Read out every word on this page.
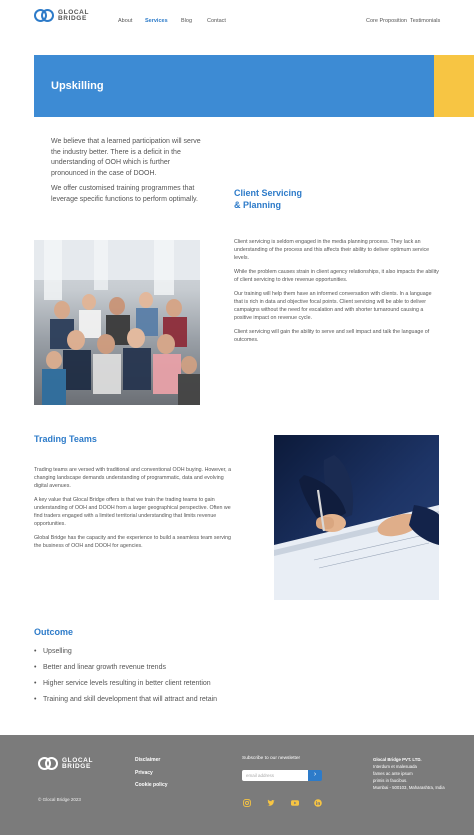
GLOCAL
BRIDGE	About Services Blog	Contact	Core Proposition Testimonials
Upskilling

We believe that a learned participation will serve the industry better. There is a deficit in the understanding of OOH which is further pronounced in the case of DOOH.

We offer customised training programmes that leverage specific functions to perform optimally.

Client Servicing
& Planning

Client servicing is seldom engaged in the media planning process. They lack an understanding of the process and this affects their ability to deliver optimum service levels.

While the problem causes strain in client agency relationships, it also impacts the ability of client servicing to drive revenue opportunities.

Our training will help them have an informed conversation with clients. In a language that is rich in data and objective focal points. Client servicing will be able to deliver campaigns without the need for escalation and with shorter turnaround causing a positive impact on revenue cycle.

Client servicing will gain the ability to serve and sell impact and talk the language of outcomes.

Trading Teams

Trading teams are versed with traditional and conventional OOH buying. However, a changing landscape demands understanding of programmatic, data and evolving digital avenues.

A key value that Glocal Bridge offers is that we train the trading teams to gain understanding of OOH and DOOH from a larger geographical perspective. Often we find traders engaged with a limited territorial understanding that limits revenue opportunities.

Global Bridge has the capacity and the experience to build a seamless team serving the business of OOH and DOOH for agencies.

Outcome
• Upselling
• Better and linear growth revenue trends
• Higher service levels resulting in better client retention
• Training and skill development that will attract and retain
GLOCAL
BRIDGE
© Glocal Bridge 2023
Disclaimer
Privacy
Cookie policy
Subscribe to our newsletter
email address
›
Glocal Bridge PVT. LTD.
Interdum et malesuada
fames ac ante ipsum
primis in faucibus.
Mumbai - 500103, Maharashtra, India
